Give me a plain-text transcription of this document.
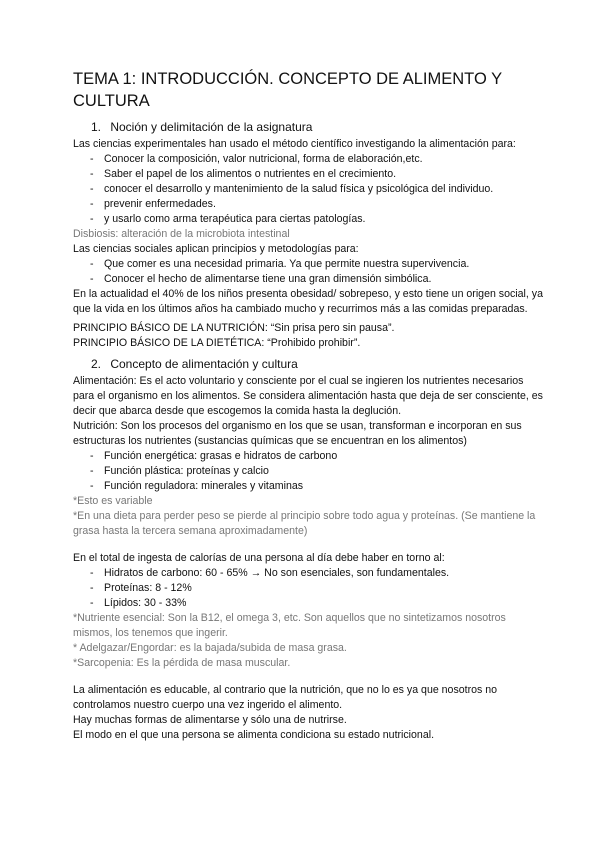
TEMA 1: INTRODUCCIÓN. CONCEPTO DE ALIMENTO Y CULTURA
1. Noción y delimitación de la asignatura

Las ciencias experimentales han usado el método científico investigando la alimentación para:

- Conocer la composición, valor nutricional, forma de elaboración,etc.
- Saber el papel de los alimentos o nutrientes en el crecimiento.
- conocer el desarrollo y mantenimiento de la salud física y psicológica del individuo.
- prevenir enfermedades.
- y usarlo como arma terapéutica para ciertas patologías.

Disbiosis: alteración de la microbiota intestinal

Las ciencias sociales aplican principios y metodologías para:

- Que comer es una necesidad primaria. Ya que permite nuestra supervivencia.
- Conocer el hecho de alimentarse tiene una gran dimensión simbólica.

En la actualidad el 40% de los niños presenta obesidad/ sobrepeso, y esto tiene un origen social, ya que la vida en los últimos años ha cambiado mucho y recurrimos más a las comidas preparadas.

PRINCIPIO BÁSICO DE LA NUTRICIÓN: “Sin prisa pero sin pausa”.

PRINCIPIO BÁSICO DE LA DIETÉTICA: “Prohibido prohibir”.

2. Concepto de alimentación y cultura

Alimentación: Es el acto voluntario y consciente por el cual se ingieren los nutrientes necesarios para el organismo en los alimentos. Se considera alimentación hasta que deja de ser consciente, es decir que abarca desde que escogemos la comida hasta la deglución.

Nutrición: Son los procesos del organismo en los que se usan, transforman e incorporan en sus estructuras los nutrientes (sustancias químicas que se encuentran en los alimentos)

- Función energética: grasas e hidratos de carbono
- Función plástica: proteínas y calcio
- Función reguladora: minerales y vitaminas

*Esto es variable

*En una dieta para perder peso se pierde al principio sobre todo agua y proteínas. (Se mantiene la grasa hasta la tercera semana aproximadamente)

En el total de ingesta de calorías de una persona al día debe haber en torno al:

- Hidratos de carbono: 60 - 65% → No son esenciales, son fundamentales.
- Proteínas: 8 - 12%
- Lípidos: 30 - 33%

*Nutriente esencial: Son la B12, el omega 3, etc. Son aquellos que no sintetizamos nosotros mismos, los tenemos que ingerir.

* Adelgazar/Engordar: es la bajada/subida de masa grasa.

*Sarcopenia: Es la pérdida de masa muscular.

La alimentación es educable, al contrario que la nutrición, que no lo es ya que nosotros no controlamos nuestro cuerpo una vez ingerido el alimento.

Hay muchas formas de alimentarse y sólo una de nutrirse.

El modo en el que una persona se alimenta condiciona su estado nutricional.
